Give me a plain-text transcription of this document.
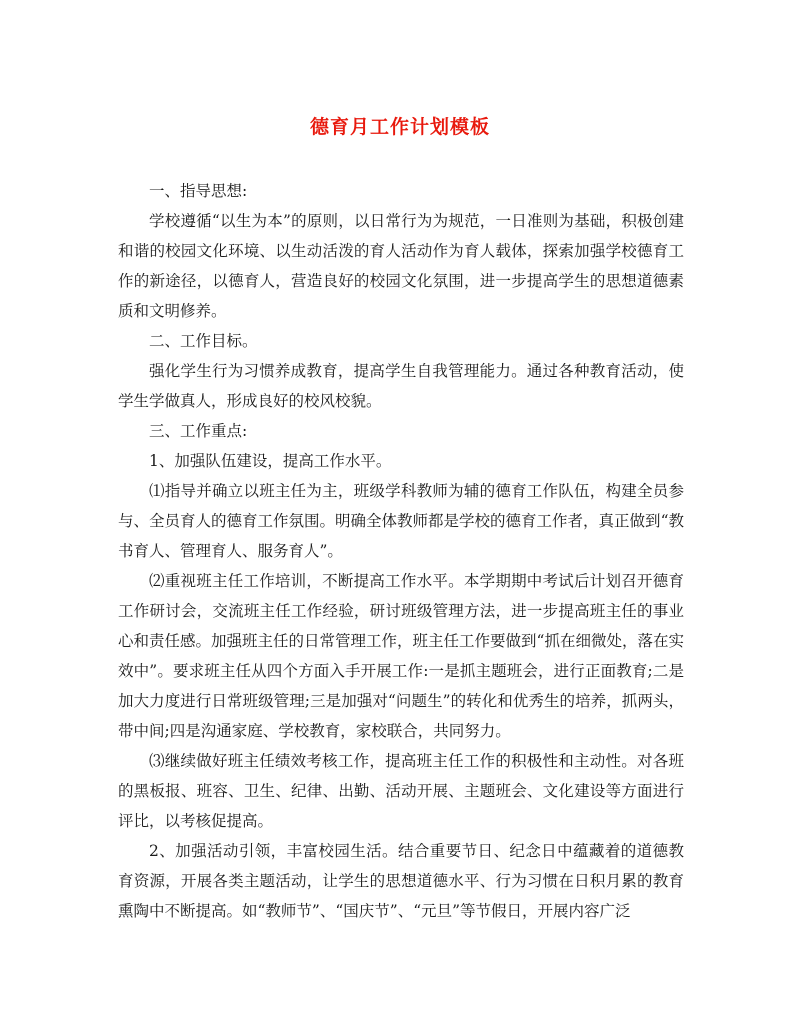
德育月工作计划模板

一、指导思想:

学校遵循“以生为本”的原则，以日常行为为规范，一日准则为基础，积极创建和谐的校园文化环境、以生动活泼的育人活动作为育人载体，探索加强学校德育工作的新途径，以德育人，营造良好的校园文化氛围，进一步提高学生的思想道德素质和文明修养。

二、工作目标。

强化学生行为习惯养成教育，提高学生自我管理能力。通过各种教育活动，使学生学做真人，形成良好的校风校貌。

三、工作重点:

1、加强队伍建设，提高工作水平。

⑴指导并确立以班主任为主，班级学科教师为辅的德育工作队伍，构建全员参与、全员育人的德育工作氛围。明确全体教师都是学校的德育工作者，真正做到“教书育人、管理育人、服务育人”。

⑵重视班主任工作培训，不断提高工作水平。本学期期中考试后计划召开德育工作研讨会，交流班主任工作经验，研讨班级管理方法，进一步提高班主任的事业心和责任感。加强班主任的日常管理工作，班主任工作要做到“抓在细微处，落在实效中”。要求班主任从四个方面入手开展工作:一是抓主题班会，进行正面教育;二是加大力度进行日常班级管理;三是加强对“问题生”的转化和优秀生的培养，抓两头，带中间;四是沟通家庭、学校教育，家校联合，共同努力。

⑶继续做好班主任绩效考核工作，提高班主任工作的积极性和主动性。对各班的黑板报、班容、卫生、纪律、出勤、活动开展、主题班会、文化建设等方面进行评比，以考核促提高。

2、加强活动引领，丰富校园生活。结合重要节日、纪念日中蕴藏着的道德教育资源，开展各类主题活动，让学生的思想道德水平、行为习惯在日积月累的教育熏陶中不断提高。如“教师节”、“国庆节”、“元旦”等节假日，开展内容广泛
